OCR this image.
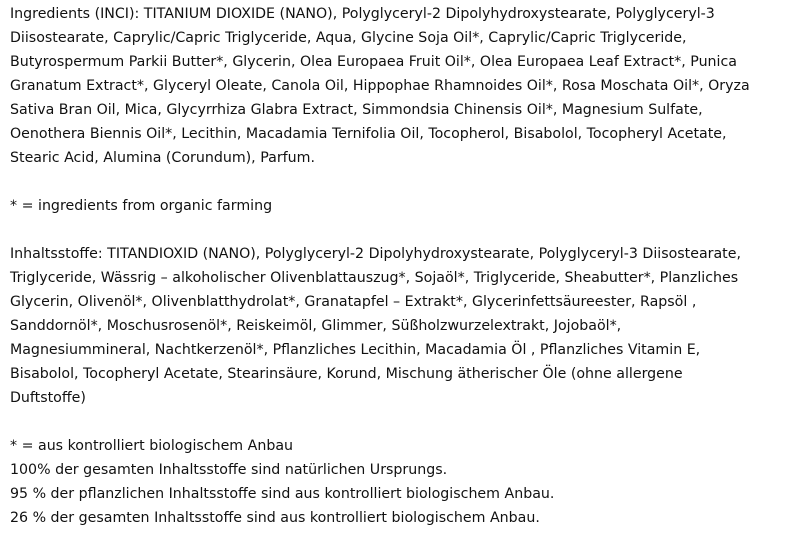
Ingredients (INCI): TITANIUM DIOXIDE (NANO), Polyglyceryl-2 Dipolyhydroxystearate, Polyglyceryl-3

Diisostearate, Caprylic/Capric Triglyceride, Aqua, Glycine Soja Oil*, Caprylic/Capric Triglyceride,

Butyrospermum Parkii Butter*, Glycerin, Olea Europaea Fruit Oil*, Olea Europaea Leaf Extract*, Punica

Granatum Extract*, Glyceryl Oleate, Canola Oil, Hippophae Rhamnoides Oil*, Rosa Moschata Oil*, Oryza

Sativa Bran Oil, Mica, Glycyrrhiza Glabra Extract, Simmondsia Chinensis Oil*, Magnesium Sulfate,

Oenothera Biennis Oil*, Lecithin, Macadamia Ternifolia Oil, Tocopherol, Bisabolol, Tocopheryl Acetate,

Stearic Acid, Alumina (Corundum), Parfum.

* = ingredients from organic farming

Inhaltsstoffe: TITANDIOXID (NANO), Polyglyceryl-2 Dipolyhydroxystearate, Polyglyceryl-3 Diisostearate,

Triglyceride, Wässrig – alkoholischer Olivenblattauszug*, Sojaöl*, Triglyceride, Sheabutter*, Planzliches

Glycerin, Olivenöl*, Olivenblatthydrolat*, Granatapfel – Extrakt*, Glycerinfettsäureester, Rapsöl ,

Sanddornöl*, Moschusrosenöl*, Reiskeimöl, Glimmer, Süßholzwurzelextrakt, Jojobaöl*,

Magnesiummineral, Nachtkerzenöl*, Pflanzliches Lecithin, Macadamia Öl , Pflanzliches Vitamin E,

Bisabolol, Tocopheryl Acetate, Stearinsäure, Korund, Mischung ätherischer Öle (ohne allergene

Duftstoffe)

* = aus kontrolliert biologischem Anbau

100% der gesamten Inhaltsstoffe sind natürlichen Ursprungs.

95 % der pflanzlichen Inhaltsstoffe sind aus kontrolliert biologischem Anbau.

26 % der gesamten Inhaltsstoffe sind aus kontrolliert biologischem Anbau.
